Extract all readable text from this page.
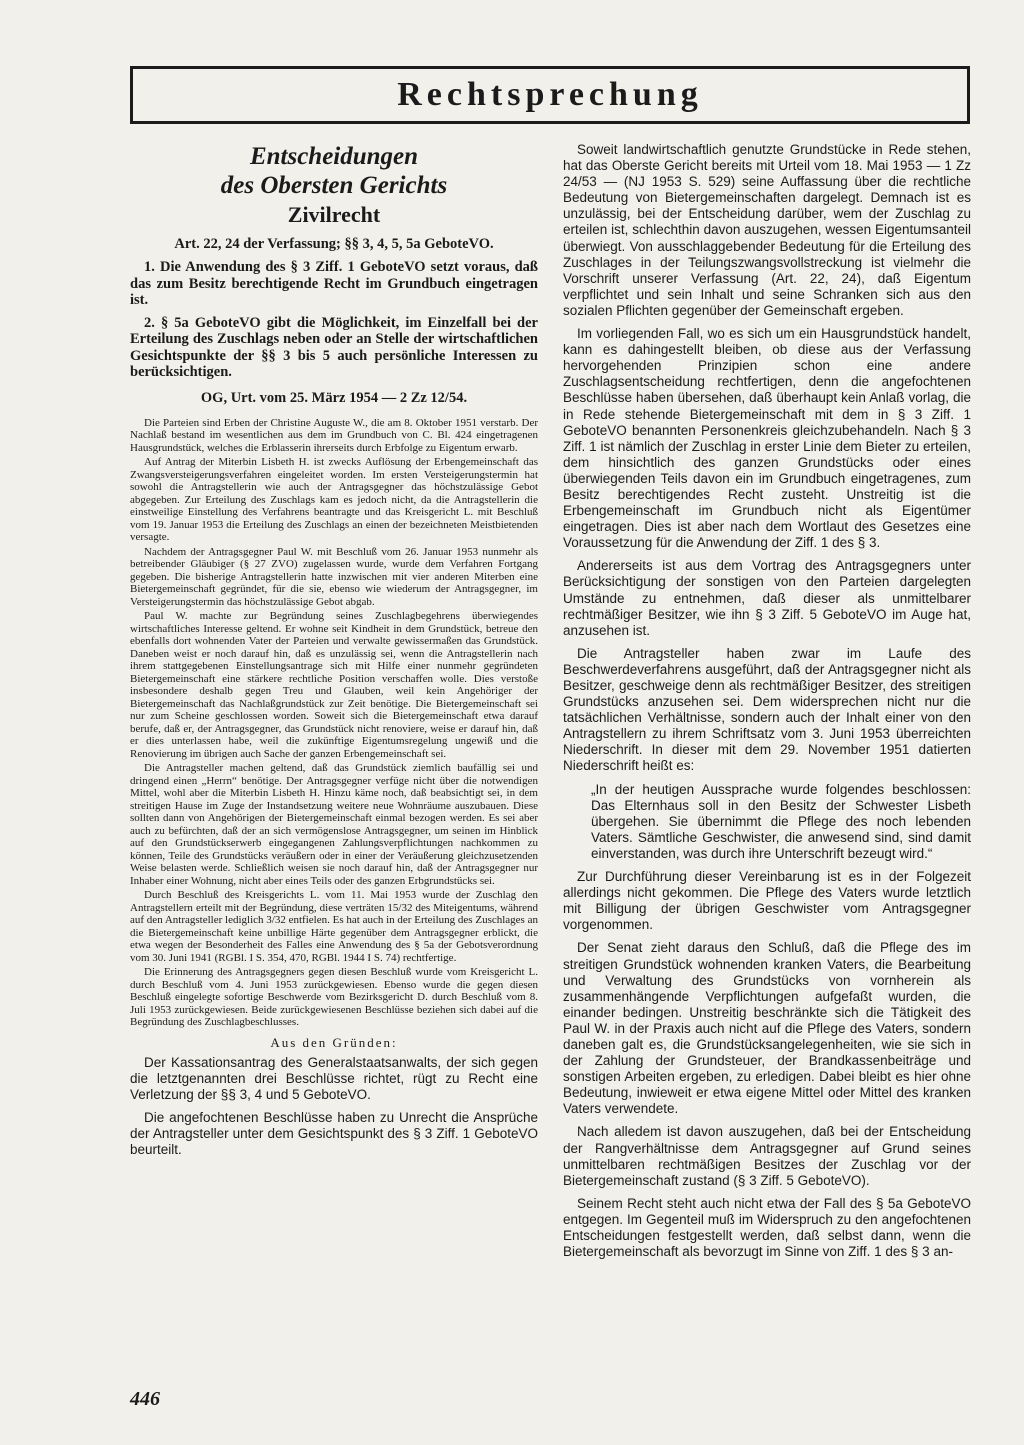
Rechtsprechung
Entscheidungen
des Obersten Gerichts
Zivilrecht

Art. 22, 24 der Verfassung; §§ 3, 4, 5, 5a GeboteVO.

1. Die Anwendung des § 3 Ziff. 1 GeboteVO setzt voraus, daß das zum Besitz berechtigende Recht im Grundbuch eingetragen ist.

2. § 5a GeboteVO gibt die Möglichkeit, im Einzelfall bei der Erteilung des Zuschlags neben oder an Stelle der wirtschaftlichen Gesichtspunkte der §§ 3 bis 5 auch persönliche Interessen zu berücksichtigen.

OG, Urt. vom 25. März 1954 — 2 Zz 12/54.

Die Parteien sind Erben der Christine Auguste W., die am 8. Oktober 1951 verstarb. Der Nachlaß bestand im wesentlichen aus dem im Grundbuch von C. Bl. 424 eingetragenen Hausgrundstück, welches die Erblasserin ihrerseits durch Erbfolge zu Eigentum erwarb.

Auf Antrag der Miterbin Lisbeth H. ist zwecks Auflösung der Erbengemeinschaft das Zwangsversteigerungsverfahren eingeleitet worden. Im ersten Versteigerungstermin hat sowohl die Antragstellerin wie auch der Antragsgegner das höchstzulässige Gebot abgegeben. Zur Erteilung des Zuschlags kam es jedoch nicht, da die Antragstellerin die einstweilige Einstellung des Verfahrens beantragte und das Kreisgericht L. mit Beschluß vom 19. Januar 1953 die Erteilung des Zuschlags an einen der bezeichneten Meistbietenden versagte.

Nachdem der Antragsgegner Paul W. mit Beschluß vom 26. Januar 1953 nunmehr als betreibender Gläubiger (§ 27 ZVO) zugelassen wurde, wurde dem Verfahren Fortgang gegeben. Die bisherige Antragstellerin hatte inzwischen mit vier anderen Miterben eine Bietergemeinschaft gegründet, für die sie, ebenso wie wiederum der Antragsgegner, im Versteigerungstermin das höchstzulässige Gebot abgab.

Paul W. machte zur Begründung seines Zuschlagbegehrens überwiegendes wirtschaftliches Interesse geltend. Er wohne seit Kindheit in dem Grundstück, betreue den ebenfalls dort wohnenden Vater der Parteien und verwalte gewissermaßen das Grundstück. Daneben weist er noch darauf hin, daß es unzulässig sei, wenn die Antragstellerin nach ihrem stattgegebenen Einstellungsantrage sich mit Hilfe einer nunmehr gegründeten Bietergemeinschaft eine stärkere rechtliche Position verschaffen wolle. Dies verstoße insbesondere deshalb gegen Treu und Glauben, weil kein Angehöriger der Bietergemeinschaft das Nachlaßgrundstück zur Zeit benötige. Die Bietergemeinschaft sei nur zum Scheine geschlossen worden. Soweit sich die Bietergemeinschaft etwa darauf berufe, daß er, der Antragsgegner, das Grundstück nicht renoviere, weise er darauf hin, daß er dies unterlassen habe, weil die zukünftige Eigentumsregelung ungewiß und die Renovierung im übrigen auch Sache der ganzen Erbengemeinschaft sei.

Die Antragsteller machen geltend, daß das Grundstück ziemlich baufällig sei und dringend einen „Herrn“ benötige. Der Antragsgegner verfüge nicht über die notwendigen Mittel, wohl aber die Miterbin Lisbeth H. Hinzu käme noch, daß beabsichtigt sei, in dem streitigen Hause im Zuge der Instandsetzung weitere neue Wohnräume auszubauen. Diese sollten dann von Angehörigen der Bietergemeinschaft einmal bezogen werden. Es sei aber auch zu befürchten, daß der an sich vermögenslose Antragsgegner, um seinen im Hinblick auf den Grundstückserwerb eingegangenen Zahlungsverpflichtungen nachkommen zu können, Teile des Grundstücks veräußern oder in einer der Veräußerung gleichzusetzenden Weise belasten werde. Schließlich weisen sie noch darauf hin, daß der Antragsgegner nur Inhaber einer Wohnung, nicht aber eines Teils oder des ganzen Erbgrundstücks sei.

Durch Beschluß des Kreisgerichts L. vom 11. Mai 1953 wurde der Zuschlag den Antragstellern erteilt mit der Begründung, diese verträten 15/32 des Miteigentums, während auf den Antragsteller lediglich 3/32 entfielen. Es hat auch in der Erteilung des Zuschlages an die Bietergemeinschaft keine unbillige Härte gegenüber dem Antragsgegner erblickt, die etwa wegen der Besonderheit des Falles eine Anwendung des § 5a der Gebotsverordnung vom 30. Juni 1941 (RGBl. I S. 354, 470, RGBl. 1944 I S. 74) rechtfertige.

Die Erinnerung des Antragsgegners gegen diesen Beschluß wurde vom Kreisgericht L. durch Beschluß vom 4. Juni 1953 zurückgewiesen. Ebenso wurde die gegen diesen Beschluß eingelegte sofortige Beschwerde vom Bezirksgericht D. durch Beschluß vom 8. Juli 1953 zurückgewiesen. Beide zurückgewiesenen Beschlüsse beziehen sich dabei auf die Begründung des Zuschlagbeschlusses.

Aus den Gründen:

Der Kassationsantrag des Generalstaatsanwalts, der sich gegen die letztgenannten drei Beschlüsse richtet, rügt zu Recht eine Verletzung der §§ 3, 4 und 5 GeboteVO.

Die angefochtenen Beschlüsse haben zu Unrecht die Ansprüche der Antragsteller unter dem Gesichtspunkt des § 3 Ziff. 1 GeboteVO beurteilt.

Soweit landwirtschaftlich genutzte Grundstücke in Rede stehen, hat das Oberste Gericht bereits mit Urteil vom 18. Mai 1953 — 1 Zz 24/53 — (NJ 1953 S. 529) seine Auffassung über die rechtliche Bedeutung von Bietergemeinschaften dargelegt. Demnach ist es unzulässig, bei der Entscheidung darüber, wem der Zuschlag zu erteilen ist, schlechthin davon auszugehen, wessen Eigentumsanteil überwiegt. Von ausschlaggebender Bedeutung für die Erteilung des Zuschlages in der Teilungszwangsvollstreckung ist vielmehr die Vorschrift unserer Verfassung (Art. 22, 24), daß Eigentum verpflichtet und sein Inhalt und seine Schranken sich aus den sozialen Pflichten gegenüber der Gemeinschaft ergeben.

Im vorliegenden Fall, wo es sich um ein Hausgrundstück handelt, kann es dahingestellt bleiben, ob diese aus der Verfassung hervorgehenden Prinzipien schon eine andere Zuschlagsentscheidung rechtfertigen, denn die angefochtenen Beschlüsse haben übersehen, daß überhaupt kein Anlaß vorlag, die in Rede stehende Bietergemeinschaft mit dem in § 3 Ziff. 1 GeboteVO benannten Personenkreis gleichzubehandeln. Nach § 3 Ziff. 1 ist nämlich der Zuschlag in erster Linie dem Bieter zu erteilen, dem hinsichtlich des ganzen Grundstücks oder eines überwiegenden Teils davon ein im Grundbuch eingetragenes, zum Besitz berechtigendes Recht zusteht. Unstreitig ist die Erbengemeinschaft im Grundbuch nicht als Eigentümer eingetragen. Dies ist aber nach dem Wortlaut des Gesetzes eine Voraussetzung für die Anwendung der Ziff. 1 des § 3.

Andererseits ist aus dem Vortrag des Antragsgegners unter Berücksichtigung der sonstigen von den Parteien dargelegten Umstände zu entnehmen, daß dieser als unmittelbarer rechtmäßiger Besitzer, wie ihn § 3 Ziff. 5 GeboteVO im Auge hat, anzusehen ist.

Die Antragsteller haben zwar im Laufe des Beschwerdeverfahrens ausgeführt, daß der Antragsgegner nicht als Besitzer, geschweige denn als rechtmäßiger Besitzer, des streitigen Grundstücks anzusehen sei. Dem widersprechen nicht nur die tatsächlichen Verhältnisse, sondern auch der Inhalt einer von den Antragstellern zu ihrem Schriftsatz vom 3. Juni 1953 überreichten Niederschrift. In dieser mit dem 29. November 1951 datierten Niederschrift heißt es:

„In der heutigen Aussprache wurde folgendes beschlossen: Das Elternhaus soll in den Besitz der Schwester Lisbeth übergehen. Sie übernimmt die Pflege des noch lebenden Vaters. Sämtliche Geschwister, die anwesend sind, sind damit einverstanden, was durch ihre Unterschrift bezeugt wird.“

Zur Durchführung dieser Vereinbarung ist es in der Folgezeit allerdings nicht gekommen. Die Pflege des Vaters wurde letztlich mit Billigung der übrigen Geschwister vom Antragsgegner vorgenommen.

Der Senat zieht daraus den Schluß, daß die Pflege des im streitigen Grundstück wohnenden kranken Vaters, die Bearbeitung und Verwaltung des Grundstücks von vornherein als zusammenhängende Verpflichtungen aufgefaßt wurden, die einander bedingen. Unstreitig beschränkte sich die Tätigkeit des Paul W. in der Praxis auch nicht auf die Pflege des Vaters, sondern daneben galt es, die Grundstücksangelegenheiten, wie sie sich in der Zahlung der Grundsteuer, der Brandkassenbeiträge und sonstigen Arbeiten ergeben, zu erledigen. Dabei bleibt es hier ohne Bedeutung, inwieweit er etwa eigene Mittel oder Mittel des kranken Vaters verwendete.

Nach alledem ist davon auszugehen, daß bei der Entscheidung der Rangverhältnisse dem Antragsgegner auf Grund seines unmittelbaren rechtmäßigen Besitzes der Zuschlag vor der Bietergemeinschaft zustand (§ 3 Ziff. 5 GeboteVO).

Seinem Recht steht auch nicht etwa der Fall des § 5a GeboteVO entgegen. Im Gegenteil muß im Widerspruch zu den angefochtenen Entscheidungen festgestellt werden, daß selbst dann, wenn die Bietergemeinschaft als bevorzugt im Sinne von Ziff. 1 des § 3 an-

446
